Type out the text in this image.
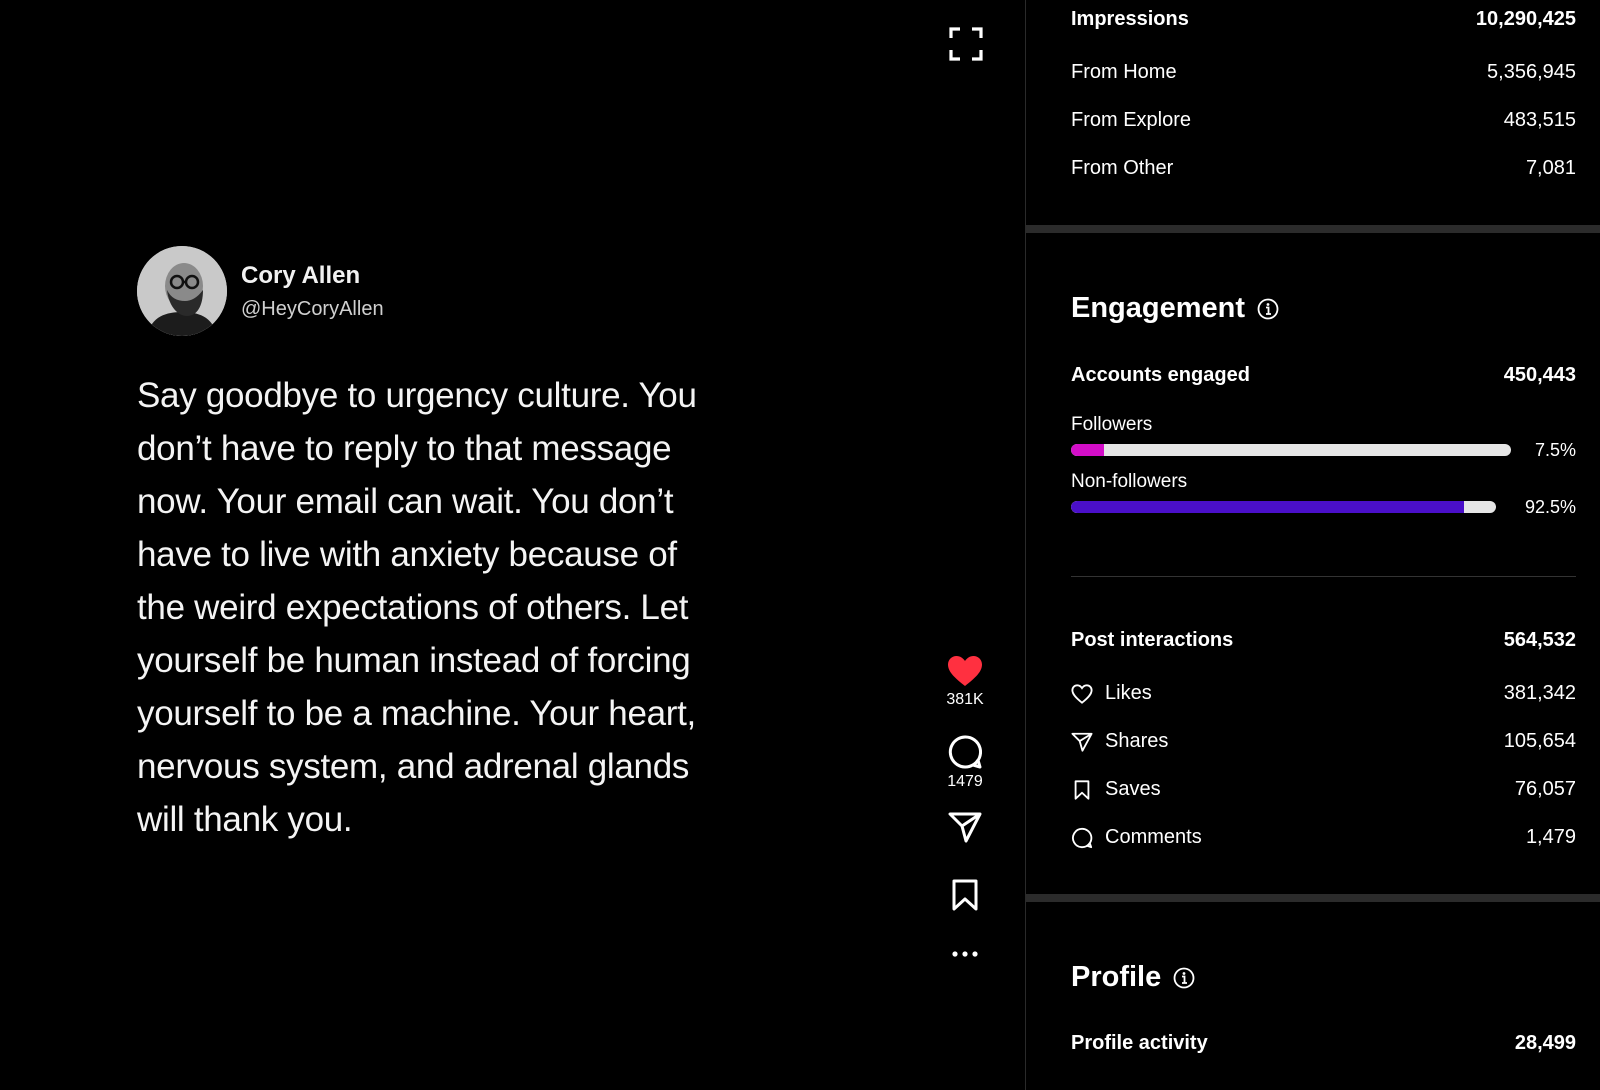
Cory Allen
@HeyCoryAllen
Say goodbye to urgency culture. You
don’t have to reply to that message
now. Your email can wait. You don’t
have to live with anxiety because of
the weird expectations of others. Let
yourself be human instead of forcing
yourself to be a machine. Your heart,
nervous system, and adrenal glands
will thank you.
381K
1479
Impressions	10,290,425
From Home	5,356,945
From Explore	483,515
From Other	7,081
Engagement
Accounts engaged	450,443
Followers
7.5%
Non-followers
92.5%
Post interactions	564,532
Likes	381,342
Shares	105,654
Saves	76,057
Comments	1,479
Profile
Profile activity	28,499
